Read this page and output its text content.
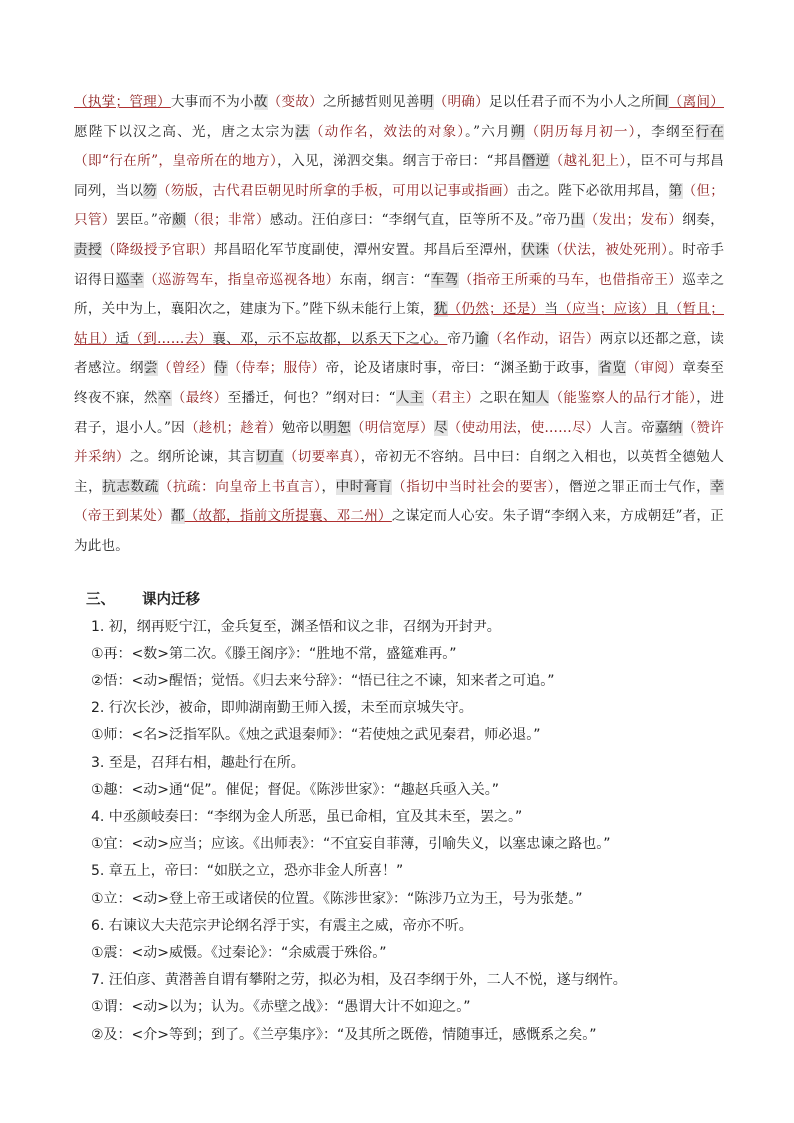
（执掌；管理）大事而不为小故（变故）之所撼哲则见善明（明确）足以任君子而不为小人之所间（离间）愿陛下以汉之高、光，唐之太宗为法（动作名，效法的对象）。”六月朔（阴历每月初一），李纲至行在（即“行在所”，皇帝所在的地方），入见，涕泗交集。纲言于帝曰：“邦昌僭逆（越礼犯上），臣不可与邦昌同列，当以笏（笏版，古代君臣朝见时所拿的手板，可用以记事或指画）击之。陛下必欲用邦昌，第（但；只管）罢臣。”帝颇（很；非常）感动。汪伯彦曰：“李纲气直，臣等所不及。”帝乃出（发出；发布）纲奏，责授（降级授予官职）邦昌昭化军节度副使，潭州安置。邦昌后至潭州，伏诛（伏法，被处死刑）。时帝手诏得日巡幸（巡游驾车，指皇帝巡视各地）东南，纲言：“车驾（指帝王所乘的马车，也借指帝王）巡幸之所，关中为上，襄阳次之，建康为下。”陛下纵未能行上策，犹（仍然；还是）当（应当；应该）且（暂且；姑且）适（到……去）襄、邓，示不忘故都，以系天下之心。帝乃谕（名作动，诏告）两京以还都之意，读者感泣。纲尝（曾经）侍（侍奉；服侍）帝，论及诸康时事，帝曰：“渊圣勤于政事，省览（审阅）章奏至终夜不寐，然卒（最终）至播迁，何也？”纲对曰：“人主（君主）之职在知人（能鉴察人的品行才能），进君子，退小人。”因（趁机；趁着）勉帝以明恕（明信宽厚）尽（使动用法，使……尽）人言。帝嘉纳（赞许并采纳）之。纲所论谏，其言切直（切要率真），帝初无不容纳。吕中曰：自纲之入相也，以英哲全德勉人主，抗志数疏（抗疏：向皇帝上书直言），中时膏肓（指切中当时社会的要害），僭逆之罪正而士气作，幸（帝王到某处）都（故都，指前文所提襄、邓二州）之谋定而人心安。朱子谓“李纲入来，方成朝廷”者，正为此也。

三、 课内迁移
1. 初，纲再贬宁江，金兵复至，渊圣悟和议之非，召纲为开封尹。
①再：<数>第二次。《滕王阁序》：“胜地不常，盛筵难再。”
②悟：<动>醒悟；觉悟。《归去来兮辞》：“悟已往之不谏，知来者之可追。”
2. 行次长沙，被命，即帅湖南勤王师入援，未至而京城失守。
①师：<名>泛指军队。《烛之武退秦师》：“若使烛之武见秦君，师必退。”
3. 至是，召拜右相，趣赴行在所。
①趣：<动>通“促”。催促；督促。《陈涉世家》：“趣赵兵亟入关。”
4. 中丞颜岐奏曰：“李纲为金人所恶，虽已命相，宜及其未至，罢之。”
①宜：<动>应当；应该。《出师表》：“不宜妄自菲薄，引喻失义，以塞忠谏之路也。”
5. 章五上，帝曰：“如朕之立，恐亦非金人所喜！”
①立：<动>登上帝王或诸侯的位置。《陈涉世家》：“陈涉乃立为王，号为张楚。”
6. 右谏议大夫范宗尹论纲名浮于实，有震主之威，帝亦不听。
①震：<动>威慑。《过秦论》：“余威震于殊俗。”
7. 汪伯彦、黄潜善自谓有攀附之劳，拟必为相，及召李纲于外，二人不悦，遂与纲忤。
①谓：<动>以为；认为。《赤壁之战》：“愚谓大计不如迎之。”
②及：<介>等到；到了。《兰亭集序》：“及其所之既倦，情随事迁，感慨系之矣。”
